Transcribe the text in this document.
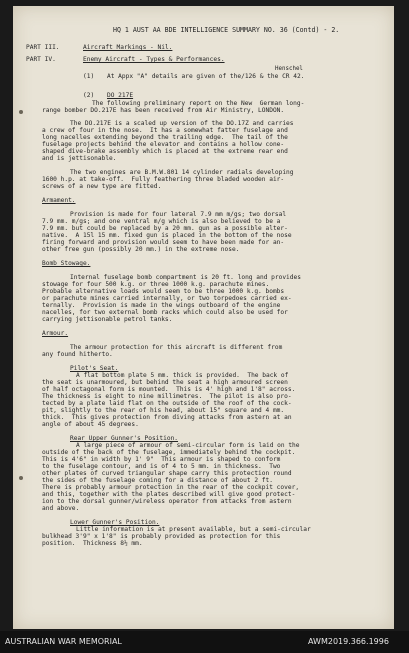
HQ 1 AUST AA BDE INTELLIGENCE SUMMARY NO. 36 (Contd) - 2.
PART III.	Aircraft Markings - Nil.
PART IV.	Enemy Aircraft - Types & Performances.
(1)
Henschel
At Appx "A" details are given of the/126 & the CR 42.
(2) DO 217E
The following preliminary report on the New  German long-
range bomber DO.217E has been received from Air Ministry, LONDON.
The DO.217E is a scaled up version of the DO.17Z and carries
a crew of four in the nose.  It has a somewhat fatter fuselage and
long nacelles extending beyond the trailing edge.  The tail of the
fuselage projects behind the elevator and contains a hollow cone-
shaped dive-brake assembly which is placed at the extreme rear end
and is jettisonable.
The two engines are B.M.W.801 14 cylinder radials developing
1600 h.p. at take-off.  Fully feathering three bladed wooden air-
screws of a new type are fitted.
Armament.
Provision is made for four lateral 7.9 mm m/gs; two dorsal
7.9 mm. m/gs; and one ventral m/g which is also believed to be a
7.9 mm. but could be replaced by a 20 mm. gun as a possible alter-
native.  A 15l 15 mm. fixed gun is placed in the bottom of the nose
firing forward and provision would seem to have been made for an-
other free gun (possibly 20 mm.) in the extreme nose.
Bomb Stowage.
Internal fuselage bomb compartment is 20 ft. long and provides
stowage for four 500 k.g. or three 1000 k.g. parachute mines.
Probable alternative loads would seem to be three 1000 k.g. bombs
or parachute mines carried internally, or two torpedoes carried ex-
ternally.  Provision is made in the wings outboard of the engine
nacelles, for two external bomb racks which could also be used for
carrying jettisonable petrol tanks.
Armour.
The armour protection for this aircraft is different from
any found hitherto.
Pilot's Seat.
A flat bottom plate 5 mm. thick is provided.  The back of
the seat is unarmoured, but behind the seat a high armoured screen
of half octagonal form is mounted.  This is 4' high and 1'8" across.
The thickness is eight to nine millimetres.  The pilot is also pro-
tected by a plate laid flat on the outside of the roof of the cock-
pit, slightly to the rear of his head, about 15" square and 4 mm.
thick.  This gives protection from diving attacks from astern at an
angle of about 45 degrees.
Rear Upper Gunner's Position.
A large piece of armour of semi-circular form is laid on the
outside of the back of the fuselage, immediately behind the cockpit.
This is 4'6" in width by 1' 9"  This armour is shaped to conform
to the fuselage contour, and is of 4 to 5 mm. in thickness.  Two
other plates of curved triangular shape carry this protection round
the sides of the fuselage coming for a distance of about 2 ft.
There is probably armour protection in the rear of the cockpit cover,
and this, together with the plates described will give good protect-
ion to the dorsal gunner/wireless operator from attacks from astern
and above.
Lower Gunner's Position.
Little information is at present available, but a semi-circular
bulkhead 3'9" x 1'8" is probably provided as protection for this
position.  Thickness 8½ mm.
AUSTRALIAN WAR MEMORIAL	AWM2019.366.1996
